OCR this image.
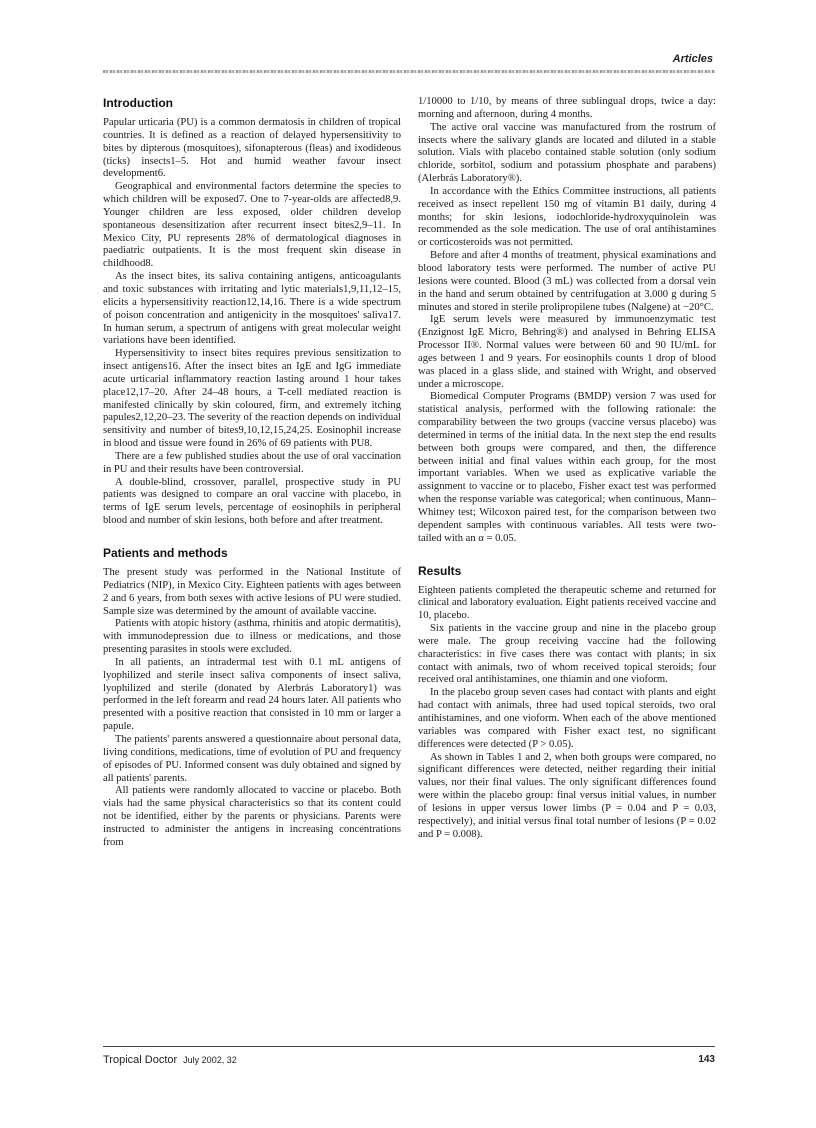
Articles
Introduction

Papular urticaria (PU) is a common dermatosis in children of tropical countries. It is defined as a reaction of delayed hypersensitivity to bites by dipterous (mosquitoes), sifonapterous (fleas) and ixodideous (ticks) insects1–5. Hot and humid weather favour insect development6.

Geographical and environmental factors determine the species to which children will be exposed7. One to 7-year-olds are affected8,9. Younger children are less exposed, older children develop spontaneous desensitization after recurrent insect bites2,9–11. In Mexico City, PU represents 28% of dermatological diagnoses in paediatric outpatients. It is the most frequent skin disease in childhood8.

As the insect bites, its saliva containing antigens, anticoagulants and toxic substances with irritating and lytic materials1,9,11,12–15, elicits a hypersensitivity reaction12,14,16. There is a wide spectrum of poison concentration and antigenicity in the mosquitoes' saliva17. In human serum, a spectrum of antigens with great molecular weight variations have been identified.

Hypersensitivity to insect bites requires previous sensitization to insect antigens16. After the insect bites an IgE and IgG immediate acute urticarial inflammatory reaction lasting around 1 hour takes place12,17–20. After 24–48 hours, a T-cell mediated reaction is manifested clinically by skin coloured, firm, and extremely itching papules2,12,20–23. The severity of the reaction depends on individual sensitivity and number of bites9,10,12,15,24,25. Eosinophil increase in blood and tissue were found in 26% of 69 patients with PU8.

There are a few published studies about the use of oral vaccination in PU and their results have been controversial.

A double-blind, crossover, parallel, prospective study in PU patients was designed to compare an oral vaccine with placebo, in terms of IgE serum levels, percentage of eosinophils in peripheral blood and number of skin lesions, both before and after treatment.

Patients and methods

The present study was performed in the National Institute of Pediatrics (NIP), in Mexico City. Eighteen patients with ages between 2 and 6 years, from both sexes with active lesions of PU were studied. Sample size was determined by the amount of available vaccine.

Patients with atopic history (asthma, rhinitis and atopic dermatitis), with immunodepression due to illness or medications, and those presenting parasites in stools were excluded.

In all patients, an intradermal test with 0.1 mL antigens of lyophilized and sterile insect saliva components of insect saliva, lyophilized and sterile (donated by Alerbrás Laboratory1) was performed in the left forearm and read 24 hours later. All patients who presented with a positive reaction that consisted in 10 mm or larger a papule.

The patients' parents answered a questionnaire about personal data, living conditions, medications, time of evolution of PU and frequency of episodes of PU. Informed consent was duly obtained and signed by all patients' parents.

All patients were randomly allocated to vaccine or placebo. Both vials had the same physical characteristics so that its content could not be identified, either by the parents or physicians. Parents were instructed to administer the antigens in increasing concentrations from

1/10000 to 1/10, by means of three sublingual drops, twice a day: morning and afternoon, during 4 months.

The active oral vaccine was manufactured from the rostrum of insects where the salivary glands are located and diluted in a stable solution. Vials with placebo contained stable solution (only sodium chloride, sorbitol, sodium and potassium phosphate and parabens) (Alerbrás Laboratory®).

In accordance with the Ethics Committee instructions, all patients received as insect repellent 150 mg of vitamin B1 daily, during 4 months; for skin lesions, iodochloride-hydroxyquinolein was recommended as the sole medication. The use of oral antihistamines or corticosteroids was not permitted.

Before and after 4 months of treatment, physical examinations and blood laboratory tests were performed. The number of active PU lesions were counted. Blood (3 mL) was collected from a dorsal vein in the hand and serum obtained by centrifugation at 3.000 g during 5 minutes and stored in sterile prolipropilene tubes (Nalgene) at −20°C.

IgE serum levels were measured by immunoenzymatic test (Enzignost IgE Micro, Behring®) and analysed in Behring ELISA Processor II®. Normal values were between 60 and 90 IU/mL for ages between 1 and 9 years. For eosinophils counts 1 drop of blood was placed in a glass slide, and stained with Wright, and observed under a microscope.

Biomedical Computer Programs (BMDP) version 7 was used for statistical analysis, performed with the following rationale: the comparability between the two groups (vaccine versus placebo) was determined in terms of the initial data. In the next step the end results between both groups were compared, and then, the difference between initial and final values within each group, for the most important variables. When we used as explicative variable the assignment to vaccine or to placebo, Fisher exact test was performed when the response variable was categorical; when continuous, Mann–Whitney test; Wilcoxon paired test, for the comparison between two dependent samples with continuous variables. All tests were two-tailed with an α = 0.05.

Results

Eighteen patients completed the therapeutic scheme and returned for clinical and laboratory evaluation. Eight patients received vaccine and 10, placebo.

Six patients in the vaccine group and nine in the placebo group were male. The group receiving vaccine had the following characteristics: in five cases there was contact with plants; in six contact with animals, two of whom received topical steroids; four received oral antihistamines, one thiamin and one vioform.

In the placebo group seven cases had contact with plants and eight had contact with animals, three had used topical steroids, two oral antihistamines, and one vioform. When each of the above mentioned variables was compared with Fisher exact test, no significant differences were detected (P > 0.05).

As shown in Tables 1 and 2, when both groups were compared, no significant differences were detected, neither regarding their initial values, nor their final values. The only significant differences found were within the placebo group: final versus initial values, in number of lesions in upper versus lower limbs (P = 0.04 and P = 0.03, respectively), and initial versus final total number of lesions (P = 0.02 and P = 0.008).

Tropical Doctor July 2002, 32	143
